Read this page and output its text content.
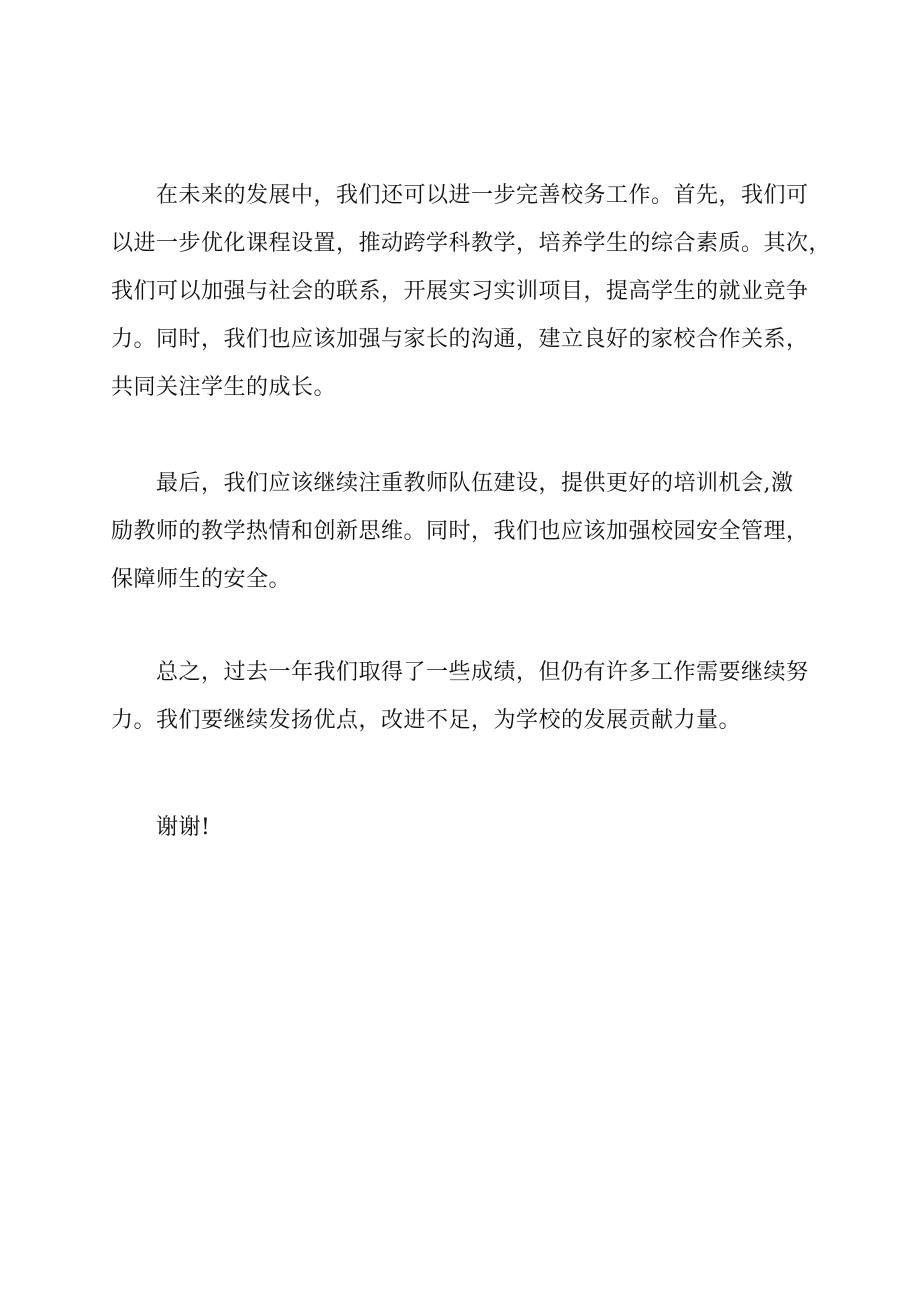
在未来的发展中，我们还可以进一步完善校务工作。首先，我们可
以进一步优化课程设置，推动跨学科教学，培养学生的综合素质。其次，
我们可以加强与社会的联系，开展实习实训项目，提高学生的就业竞争
力。同时，我们也应该加强与家长的沟通，建立良好的家校合作关系，
共同关注学生的成长。
最后，我们应该继续注重教师队伍建设，提供更好的培训机会,激
励教师的教学热情和创新思维。同时，我们也应该加强校园安全管理，
保障师生的安全。
总之，过去一年我们取得了一些成绩，但仍有许多工作需要继续努
力。我们要继续发扬优点，改进不足，为学校的发展贡献力量。
谢谢!
